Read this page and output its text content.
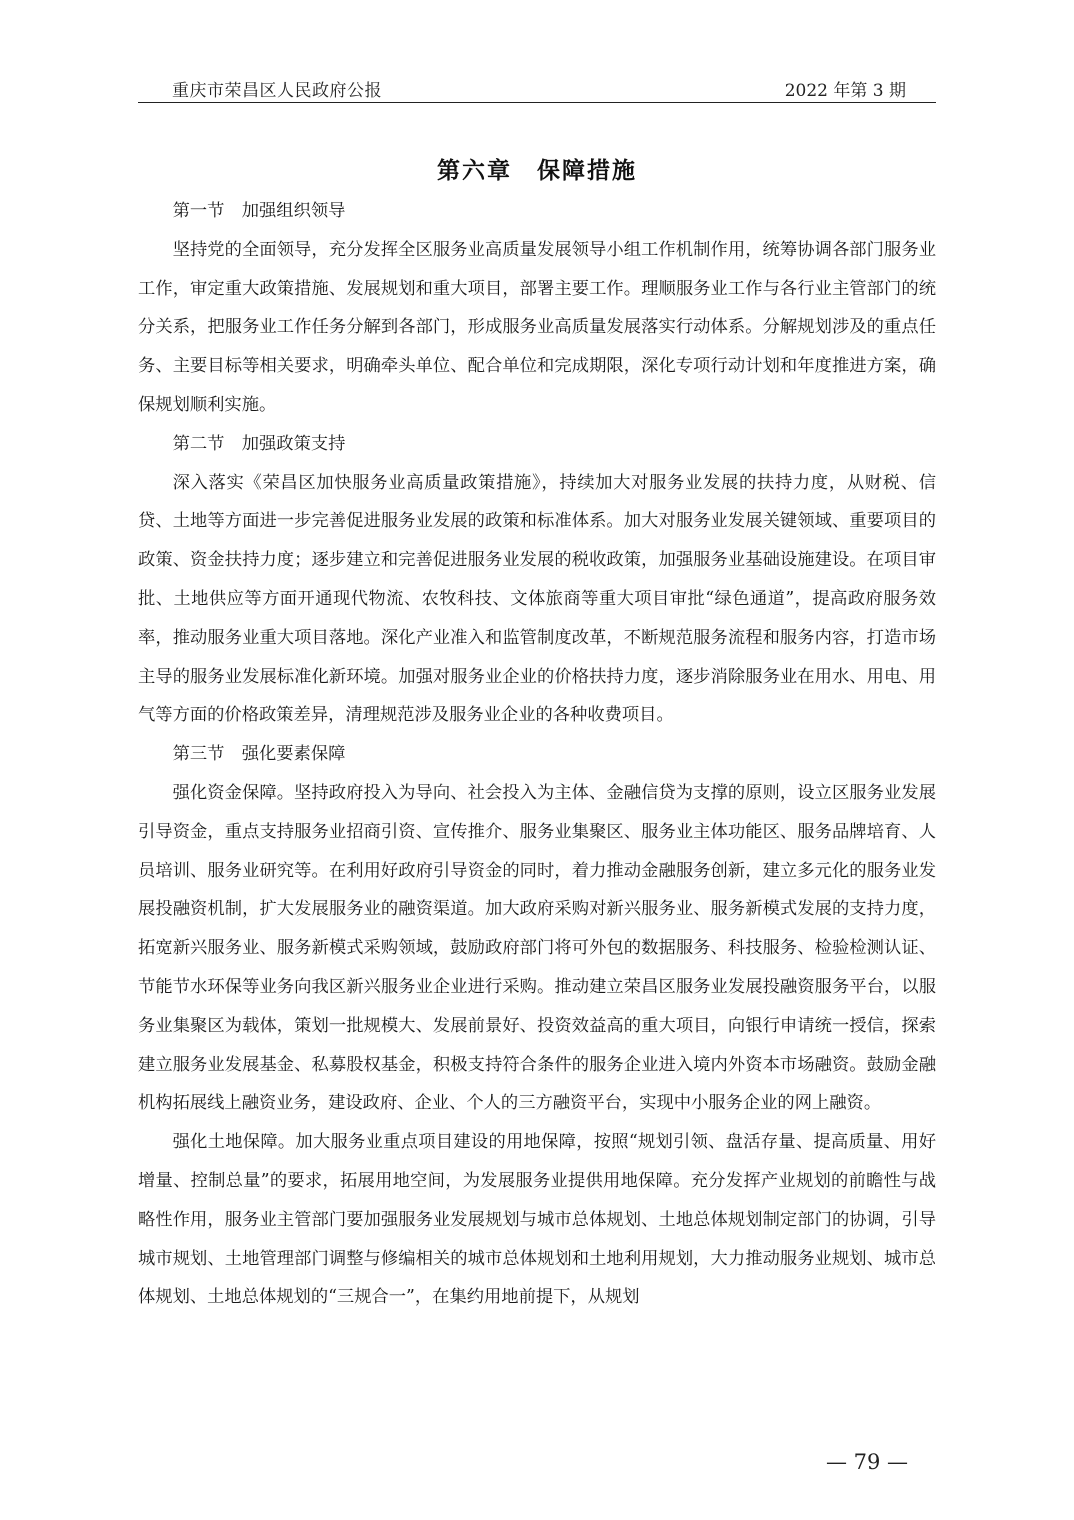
重庆市荣昌区人民政府公报	2022 年第 3 期
第六章　保障措施
第一节　加强组织领导

坚持党的全面领导，充分发挥全区服务业高质量发展领导小组工作机制作用，统筹协调各部门服务业工作，审定重大政策措施、发展规划和重大项目，部署主要工作。理顺服务业工作与各行业主管部门的统分关系，把服务业工作任务分解到各部门，形成服务业高质量发展落实行动体系。分解规划涉及的重点任务、主要目标等相关要求，明确牵头单位、配合单位和完成期限，深化专项行动计划和年度推进方案，确保规划顺利实施。

第二节　加强政策支持

深入落实《荣昌区加快服务业高质量政策措施》，持续加大对服务业发展的扶持力度，从财税、信贷、土地等方面进一步完善促进服务业发展的政策和标准体系。加大对服务业发展关键领域、重要项目的政策、资金扶持力度；逐步建立和完善促进服务业发展的税收政策，加强服务业基础设施建设。在项目审批、土地供应等方面开通现代物流、农牧科技、文体旅商等重大项目审批“绿色通道”，提高政府服务效率，推动服务业重大项目落地。深化产业准入和监管制度改革，不断规范服务流程和服务内容，打造市场主导的服务业发展标准化新环境。加强对服务业企业的价格扶持力度，逐步消除服务业在用水、用电、用气等方面的价格政策差异，清理规范涉及服务业企业的各种收费项目。

第三节　强化要素保障

强化资金保障。坚持政府投入为导向、社会投入为主体、金融信贷为支撑的原则，设立区服务业发展引导资金，重点支持服务业招商引资、宣传推介、服务业集聚区、服务业主体功能区、服务品牌培育、人员培训、服务业研究等。在利用好政府引导资金的同时，着力推动金融服务创新，建立多元化的服务业发展投融资机制，扩大发展服务业的融资渠道。加大政府采购对新兴服务业、服务新模式发展的支持力度，拓宽新兴服务业、服务新模式采购领域，鼓励政府部门将可外包的数据服务、科技服务、检验检测认证、节能节水环保等业务向我区新兴服务业企业进行采购。推动建立荣昌区服务业发展投融资服务平台，以服务业集聚区为载体，策划一批规模大、发展前景好、投资效益高的重大项目，向银行申请统一授信，探索建立服务业发展基金、私募股权基金，积极支持符合条件的服务企业进入境内外资本市场融资。鼓励金融机构拓展线上融资业务，建设政府、企业、个人的三方融资平台，实现中小服务企业的网上融资。

强化土地保障。加大服务业重点项目建设的用地保障，按照“规划引领、盘活存量、提高质量、用好增量、控制总量”的要求，拓展用地空间，为发展服务业提供用地保障。充分发挥产业规划的前瞻性与战略性作用，服务业主管部门要加强服务业发展规划与城市总体规划、土地总体规划制定部门的协调，引导城市规划、土地管理部门调整与修编相关的城市总体规划和土地利用规划，大力推动服务业规划、城市总体规划、土地总体规划的“三规合一”，在集约用地前提下，从规划

— 79 —
